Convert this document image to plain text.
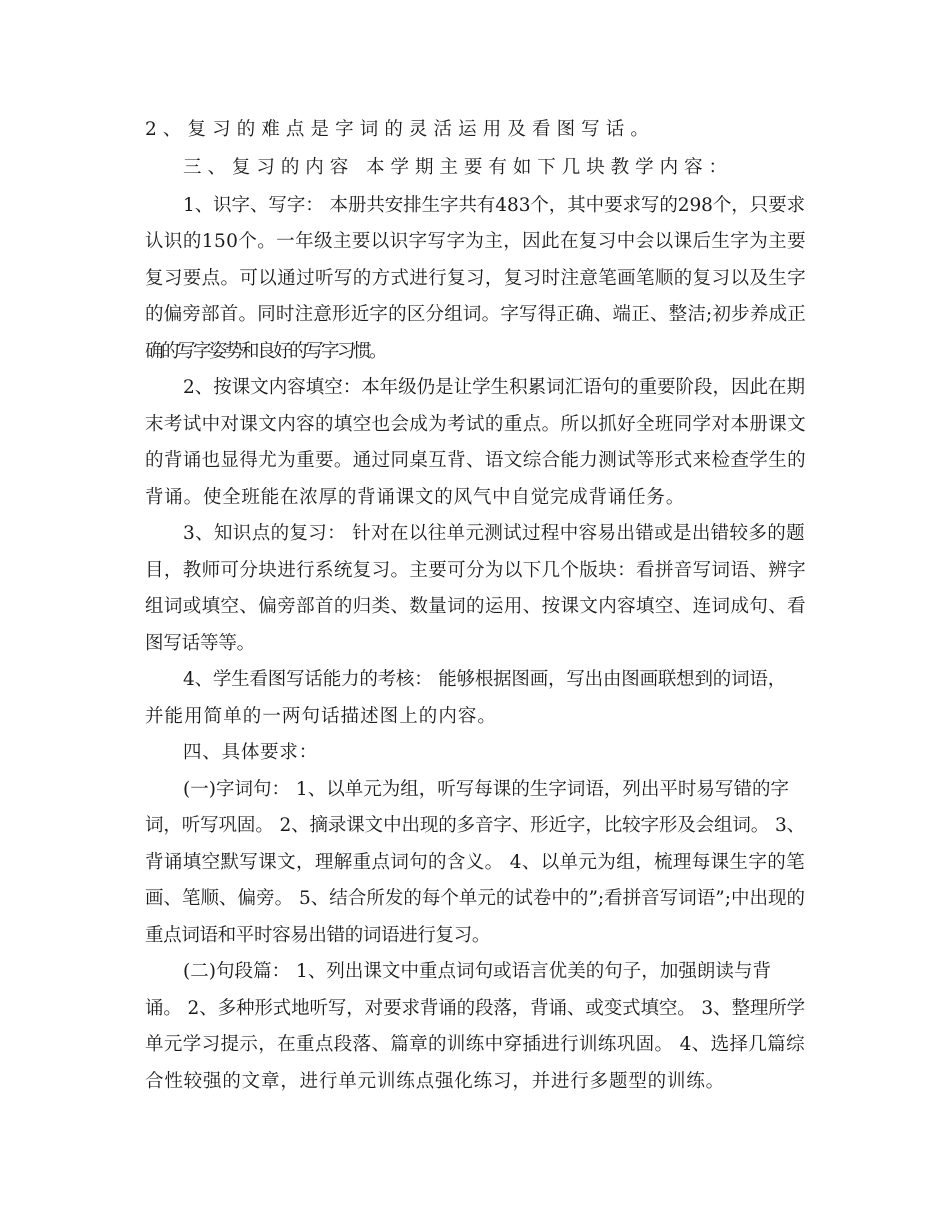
2、复习的难点是字词的灵活运用及看图写话。
三、复习的内容 本学期主要有如下几块教学内容：
1、识字、写字： 本册共安排生字共有483个，其中要求写的298个，只要求
认识的150个。一年级主要以识字写字为主，因此在复习中会以课后生字为主要
复习要点。可以通过听写的方式进行复习，复习时注意笔画笔顺的复习以及生字
的偏旁部首。同时注意形近字的区分组词。字写得正确、端正、整洁;初步养成正
确的写字姿势和良好的写字习惯。
2、按课文内容填空：本年级仍是让学生积累词汇语句的重要阶段，因此在期
末考试中对课文内容的填空也会成为考试的重点。所以抓好全班同学对本册课文
的背诵也显得尤为重要。通过同桌互背、语文综合能力测试等形式来检查学生的
背诵。使全班能在浓厚的背诵课文的风气中自觉完成背诵任务。
3、知识点的复习： 针对在以往单元测试过程中容易出错或是出错较多的题
目，教师可分块进行系统复习。主要可分为以下几个版块：看拼音写词语、辨字
组词或填空、偏旁部首的归类、数量词的运用、按课文内容填空、连词成句、看
图写话等等。
4、学生看图写话能力的考核： 能够根据图画，写出由图画联想到的词语，
并能用简单的一两句话描述图上的内容。
四、具体要求：
(一)字词句： 1、以单元为组，听写每课的生字词语，列出平时易写错的字
词，听写巩固。 2、摘录课文中出现的多音字、形近字，比较字形及会组词。 3、
背诵填空默写课文，理解重点词句的含义。 4、以单元为组，梳理每课生字的笔
画、笔顺、偏旁。 5、结合所发的每个单元的试卷中的”;看拼音写词语”;中出现的
重点词语和平时容易出错的词语进行复习。
(二)句段篇： 1、列出课文中重点词句或语言优美的句子，加强朗读与背
诵。 2、多种形式地听写，对要求背诵的段落，背诵、或变式填空。 3、整理所学
单元学习提示，在重点段落、篇章的训练中穿插进行训练巩固。 4、选择几篇综
合性较强的文章，进行单元训练点强化练习，并进行多题型的训练。
